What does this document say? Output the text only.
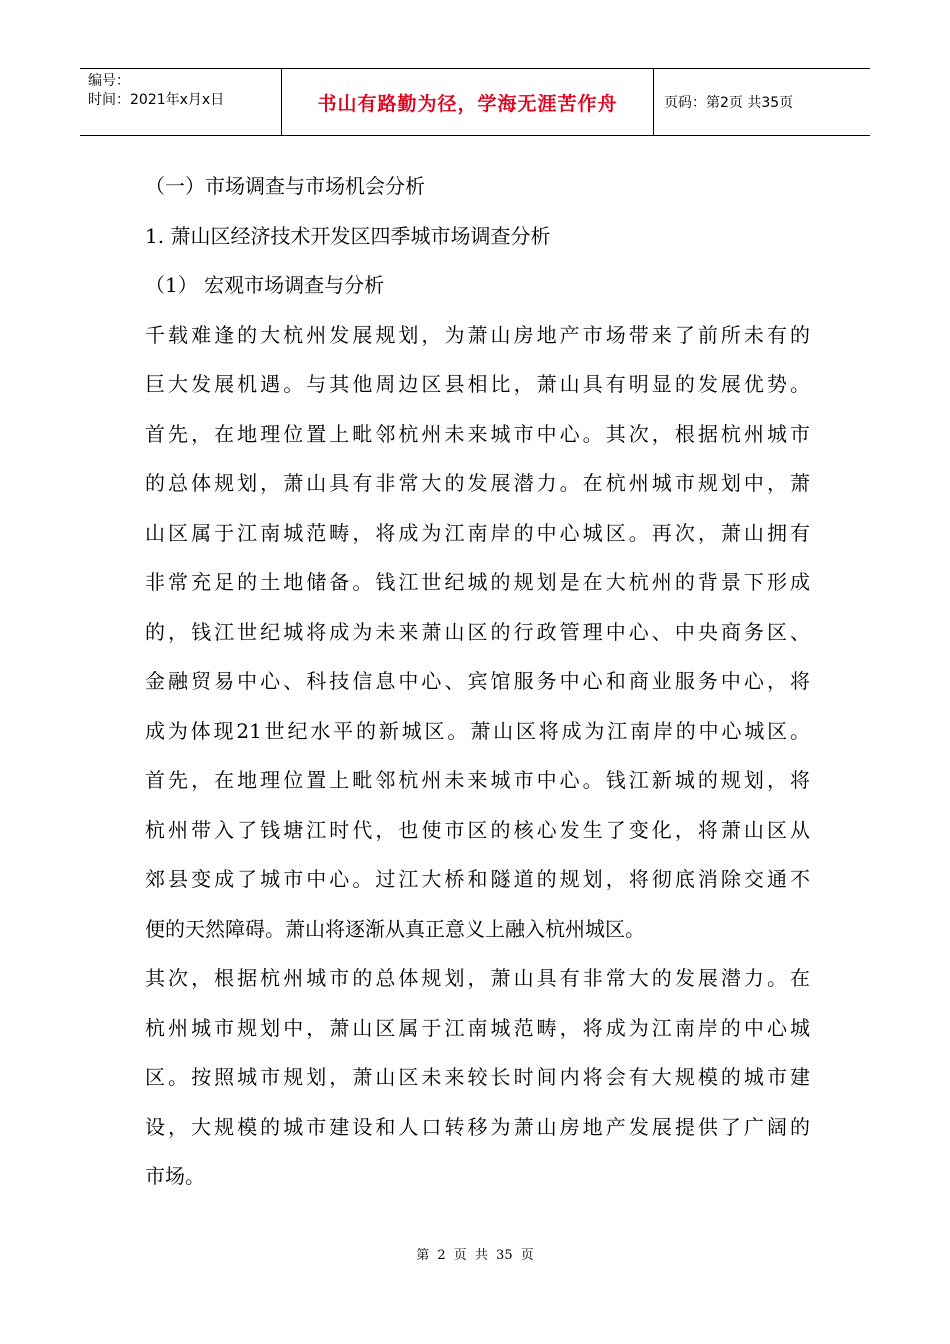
编号：
时间：2021年x月x日	书山有路勤为径，学海无涯苦作舟	页码：第2页 共35页
（一）市场调查与市场机会分析
1. 萧山区经济技术开发区四季城市场调查分析
（1） 宏观市场调查与分析
千载难逢的大杭州发展规划，为萧山房地产市场带来了前所未有的
巨大发展机遇。与其他周边区县相比，萧山具有明显的发展优势。
首先，在地理位置上毗邻杭州未来城市中心。其次，根据杭州城市
的总体规划，萧山具有非常大的发展潜力。在杭州城市规划中，萧
山区属于江南城范畴，将成为江南岸的中心城区。再次，萧山拥有
非常充足的土地储备。钱江世纪城的规划是在大杭州的背景下形成
的，钱江世纪城将成为未来萧山区的行政管理中心、中央商务区、
金融贸易中心、科技信息中心、宾馆服务中心和商业服务中心，将
成为体现21世纪水平的新城区。萧山区将成为江南岸的中心城区。
首先，在地理位置上毗邻杭州未来城市中心。钱江新城的规划，将
杭州带入了钱塘江时代，也使市区的核心发生了变化，将萧山区从
郊县变成了城市中心。过江大桥和隧道的规划，将彻底消除交通不
便的天然障碍。萧山将逐渐从真正意义上融入杭州城区。
其次，根据杭州城市的总体规划，萧山具有非常大的发展潜力。在
杭州城市规划中，萧山区属于江南城范畴，将成为江南岸的中心城
区。按照城市规划，萧山区未来较长时间内将会有大规模的城市建
设，大规模的城市建设和人口转移为萧山房地产发展提供了广阔的
市场。
第 2 页 共 35 页
